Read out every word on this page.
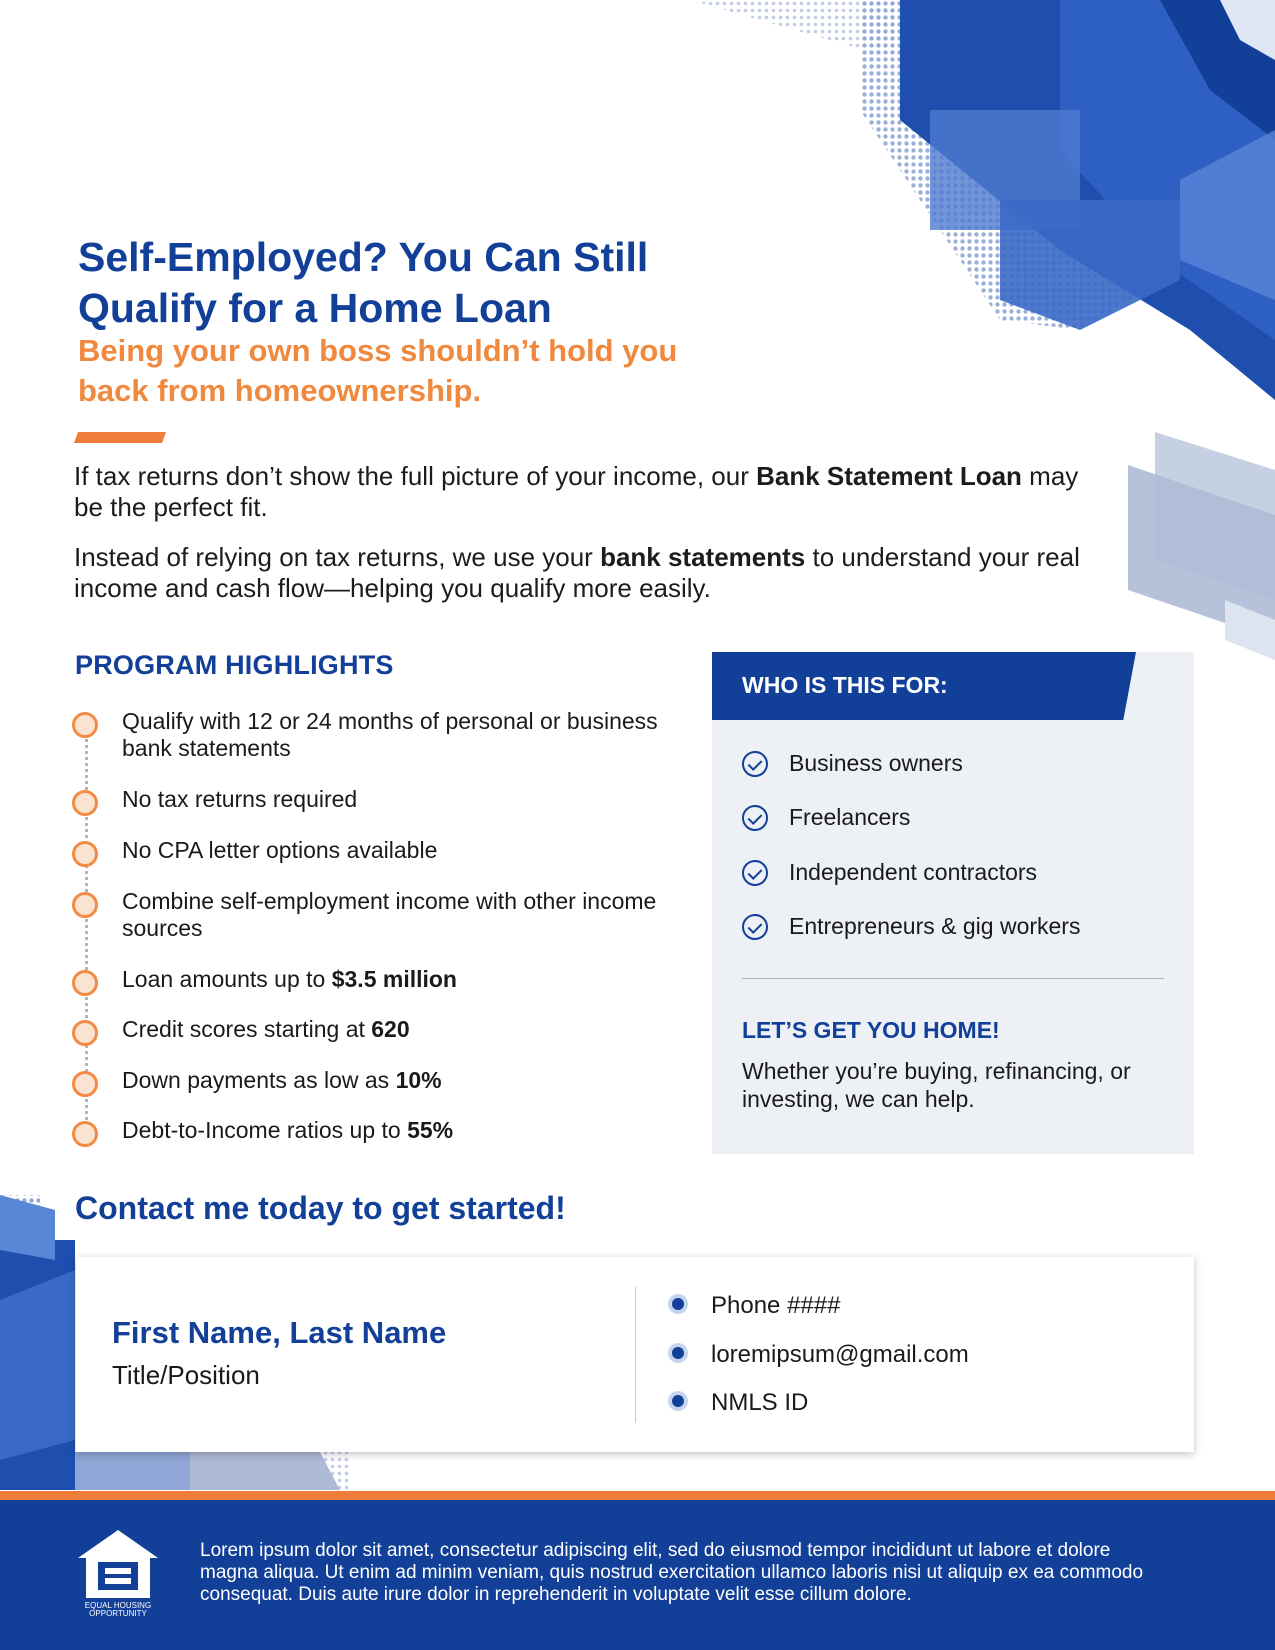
Self-Employed? You Can Still
Qualify for a Home Loan

Being your own boss shouldn’t hold you
back from homeownership.

If tax returns don’t show the full picture of your income, our Bank Statement Loan may be the perfect fit.

Instead of relying on tax returns, we use your bank statements to understand your real income and cash flow—helping you qualify more easily.

PROGRAM HIGHLIGHTS
Qualify with 12 or 24 months of personal or business bank statements
No tax returns required
No CPA letter options available
Combine self-employment income with other income sources
Loan amounts up to $3.5 million
Credit scores starting at 620
Down payments as low as 10%
Debt-to-Income ratios up to 55%
WHO IS THIS FOR:
Business owners
Freelancers
Independent contractors
Entrepreneurs & gig workers
LET’S GET YOU HOME!

Whether you’re buying, refinancing, or investing, we can help.

Contact me today to get started!
First Name, Last Name

Title/Position

Phone ####
loremipsum@gmail.com
NMLS ID
EQUAL HOUSING
OPPORTUNITY

Lorem ipsum dolor sit amet, consectetur adipiscing elit, sed do eiusmod tempor incididunt ut labore et dolore magna aliqua. Ut enim ad minim veniam, quis nostrud exercitation ullamco laboris nisi ut aliquip ex ea commodo consequat. Duis aute irure dolor in reprehenderit in voluptate velit esse cillum dolore.
